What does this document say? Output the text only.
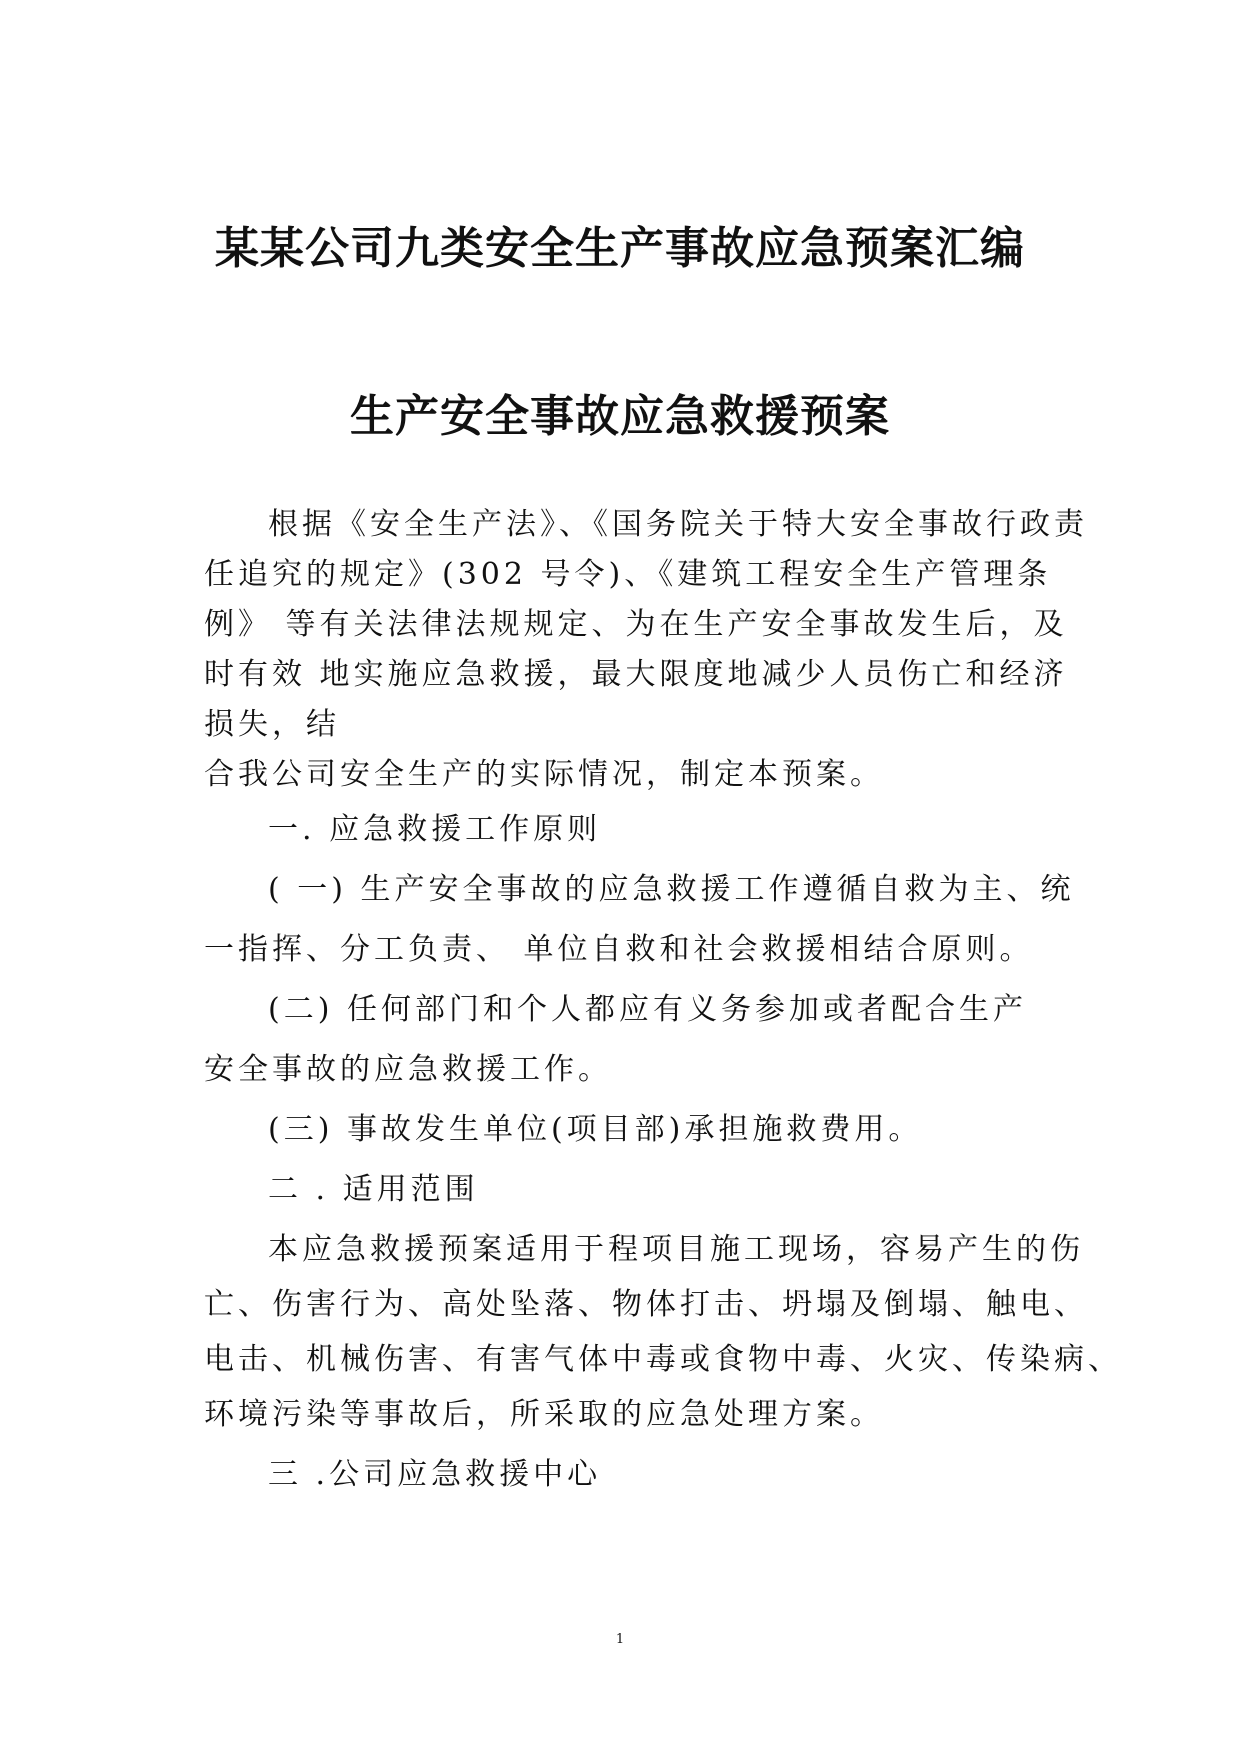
某某公司九类安全生产事故应急预案汇编
生产安全事故应急救援预案
根据《安全生产法》、《国务院关于特大安全事故行政责
任追究的规定》(302 号令)、《建筑工程安全生产管理条
例》 等有关法律法规规定、为在生产安全事故发生后，及
时有效 地实施应急救援，最大限度地减少人员伤亡和经济
损失，结
合我公司安全生产的实际情况，制定本预案。
一. 应急救援工作原则
( 一) 生产安全事故的应急救援工作遵循自救为主、统
一指挥、分工负责、 单位自救和社会救援相结合原则。
(二) 任何部门和个人都应有义务参加或者配合生产
安全事故的应急救援工作。
(三) 事故发生单位(项目部)承担施救费用。
二 . 适用范围
本应急救援预案适用于程项目施工现场，容易产生的伤
亡、伤害行为、高处坠落、物体打击、坍塌及倒塌、触电、
电击、机械伤害、有害气体中毒或食物中毒、火灾、传染病、
环境污染等事故后，所采取的应急处理方案。
三 .公司应急救援中心
1
